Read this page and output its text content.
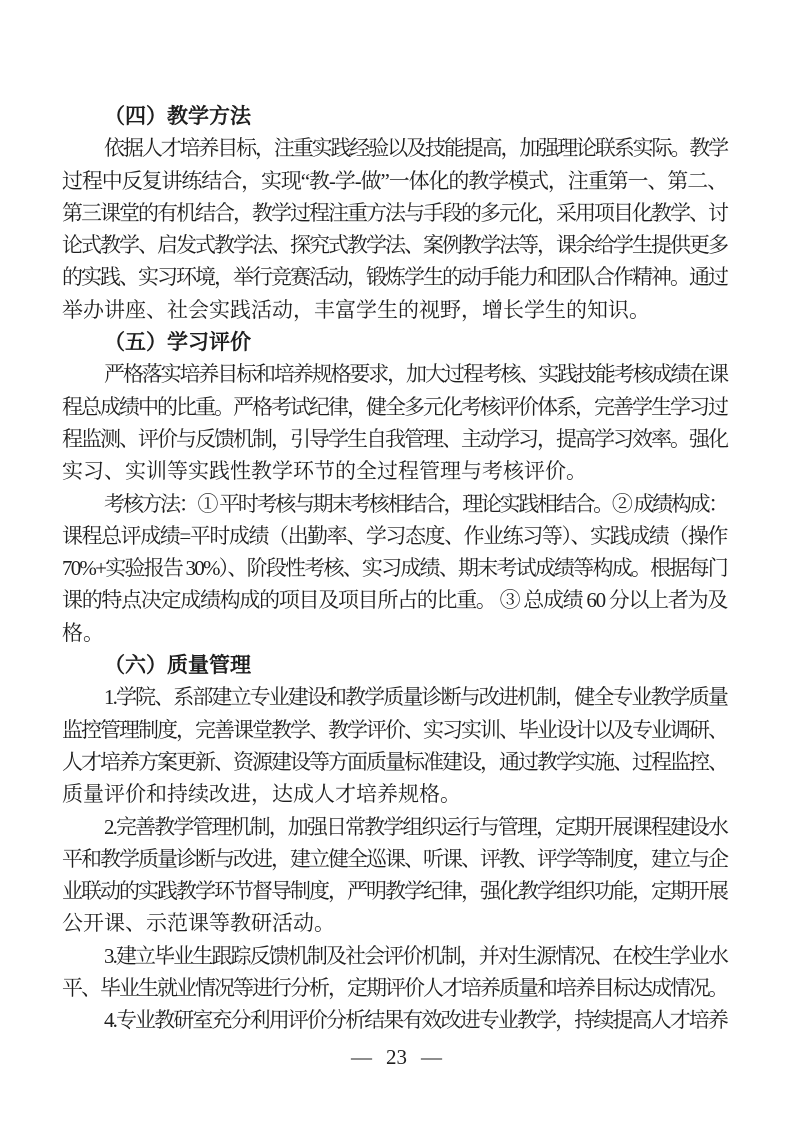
（四）教学方法
依据人才培养目标，注重实践经验以及技能提高，加强理论联系实际。教学
过程中反复讲练结合，实现“教-学-做”一体化的教学模式，注重第一、第二、
第三课堂的有机结合，教学过程注重方法与手段的多元化，采用项目化教学、讨
论式教学、启发式教学法、探究式教学法、案例教学法等，课余给学生提供更多
的实践、实习环境，举行竞赛活动，锻炼学生的动手能力和团队合作精神。通过
举办讲座、社会实践活动，丰富学生的视野，增长学生的知识。
（五）学习评价
严格落实培养目标和培养规格要求，加大过程考核、实践技能考核成绩在课
程总成绩中的比重。严格考试纪律，健全多元化考核评价体系，完善学生学习过
程监测、评价与反馈机制，引导学生自我管理、主动学习，提高学习效率。强化
实习、实训等实践性教学环节的全过程管理与考核评价。
考核方法：① 平时考核与期末考核相结合，理论实践相结合。② 成绩构成：
课程总评成绩=平时成绩（出勤率、学习态度、作业练习等）、实践成绩（操作
70%+实验报告 30%）、阶段性考核、实习成绩、期末考试成绩等构成。根据每门
课的特点决定成绩构成的项目及项目所占的比重。 ③ 总成绩 60 分以上者为及
格。
（六）质量管理
1.学院、系部建立专业建设和教学质量诊断与改进机制，健全专业教学质量
监控管理制度，完善课堂教学、教学评价、实习实训、毕业设计以及专业调研、
人才培养方案更新、资源建设等方面质量标准建设，通过教学实施、过程监控、
质量评价和持续改进，达成人才培养规格。
2.完善教学管理机制，加强日常教学组织运行与管理，定期开展课程建设水
平和教学质量诊断与改进，建立健全巡课、听课、评教、评学等制度，建立与企
业联动的实践教学环节督导制度，严明教学纪律，强化教学组织功能，定期开展
公开课、示范课等教研活动。
3.建立毕业生跟踪反馈机制及社会评价机制，并对生源情况、在校生学业水
平、毕业生就业情况等进行分析，定期评价人才培养质量和培养目标达成情况。
4.专业教研室充分利用评价分析结果有效改进专业教学，持续提高人才培养
— 23 —
